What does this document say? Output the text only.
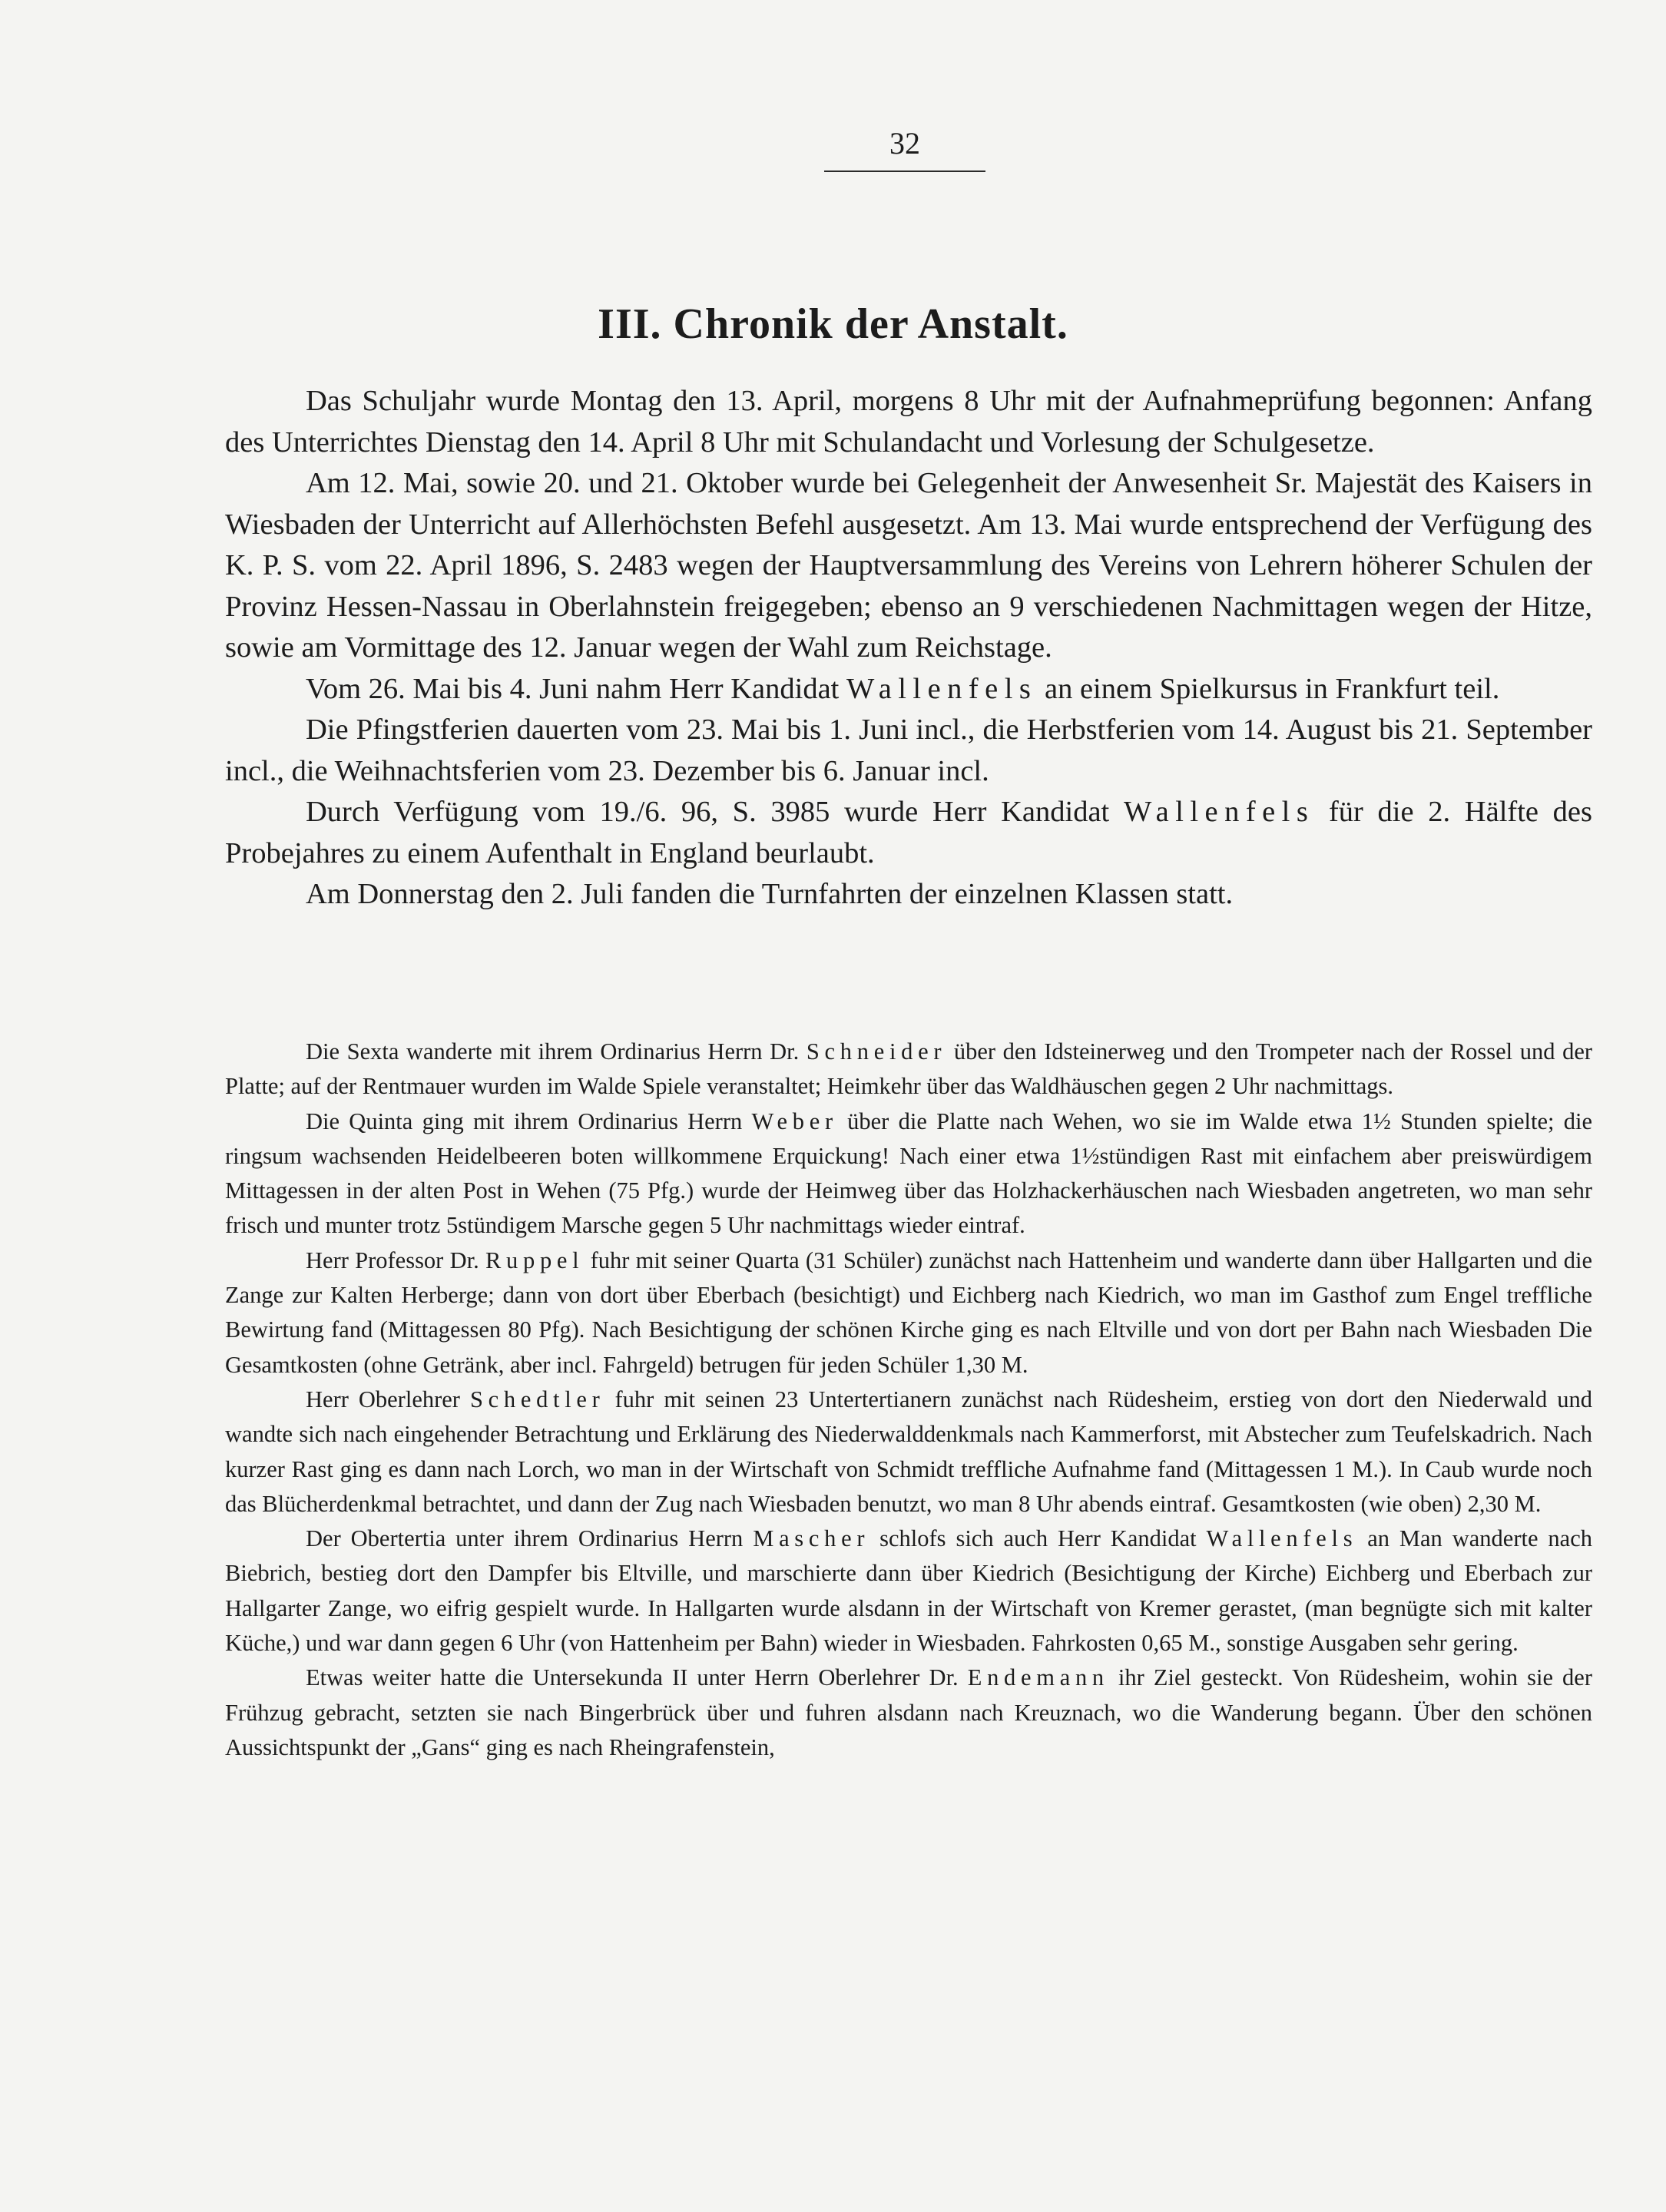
32
III. Chronik der Anstalt.

Das Schuljahr wurde Montag den 13. April, morgens 8 Uhr mit der Aufnahmeprüfung begonnen: Anfang des Unterrichtes Dienstag den 14. April 8 Uhr mit Schulandacht und Vorlesung der Schulgesetze.

Am 12. Mai, sowie 20. und 21. Oktober wurde bei Gelegenheit der Anwesenheit Sr. Majestät des Kaisers in Wiesbaden der Unterricht auf Allerhöchsten Befehl ausgesetzt. Am 13. Mai wurde entsprechend der Verfügung des K. P. S. vom 22. April 1896, S. 2483 wegen der Hauptversammlung des Vereins von Lehrern höherer Schulen der Provinz Hessen-Nassau in Oberlahnstein freigegeben; ebenso an 9 verschiedenen Nachmittagen wegen der Hitze, sowie am Vormittage des 12. Januar wegen der Wahl zum Reichstage.

Vom 26. Mai bis 4. Juni nahm Herr Kandidat Wallenfels an einem Spielkursus in Frankfurt teil.

Die Pfingstferien dauerten vom 23. Mai bis 1. Juni incl., die Herbstferien vom 14. August bis 21. September incl., die Weihnachtsferien vom 23. Dezember bis 6. Januar incl.

Durch Verfügung vom 19./6. 96, S. 3985 wurde Herr Kandidat Wallenfels für die 2. Hälfte des Probejahres zu einem Aufenthalt in England beurlaubt.

Am Donnerstag den 2. Juli fanden die Turnfahrten der einzelnen Klassen statt.

Die Sexta wanderte mit ihrem Ordinarius Herrn Dr. Schneider über den Idsteinerweg und den Trompeter nach der Rossel und der Platte; auf der Rentmauer wurden im Walde Spiele veranstaltet; Heimkehr über das Waldhäuschen gegen 2 Uhr nachmittags.

Die Quinta ging mit ihrem Ordinarius Herrn Weber über die Platte nach Wehen, wo sie im Walde etwa 1½ Stunden spielte; die ringsum wachsenden Heidelbeeren boten willkommene Erquickung! Nach einer etwa 1½stündigen Rast mit einfachem aber preiswürdigem Mittagessen in der alten Post in Wehen (75 Pfg.) wurde der Heimweg über das Holzhackerhäuschen nach Wiesbaden angetreten, wo man sehr frisch und munter trotz 5stündigem Marsche gegen 5 Uhr nachmittags wieder eintraf.

Herr Professor Dr. Ruppel fuhr mit seiner Quarta (31 Schüler) zunächst nach Hattenheim und wanderte dann über Hallgarten und die Zange zur Kalten Herberge; dann von dort über Eberbach (besichtigt) und Eichberg nach Kiedrich, wo man im Gasthof zum Engel treffliche Bewirtung fand (Mittagessen 80 Pfg). Nach Besichtigung der schönen Kirche ging es nach Eltville und von dort per Bahn nach Wiesbaden Die Gesamtkosten (ohne Getränk, aber incl. Fahrgeld) betrugen für jeden Schüler 1,30 M.

Herr Oberlehrer Schedtler fuhr mit seinen 23 Untertertianern zunächst nach Rüdesheim, erstieg von dort den Niederwald und wandte sich nach eingehender Betrachtung und Erklärung des Niederwalddenkmals nach Kammerforst, mit Abstecher zum Teufelskadrich. Nach kurzer Rast ging es dann nach Lorch, wo man in der Wirtschaft von Schmidt treffliche Aufnahme fand (Mittagessen 1 M.). In Caub wurde noch das Blücherdenkmal betrachtet, und dann der Zug nach Wiesbaden benutzt, wo man 8 Uhr abends eintraf. Gesamtkosten (wie oben) 2,30 M.

Der Obertertia unter ihrem Ordinarius Herrn Mascher schlofs sich auch Herr Kandidat Wallenfels an Man wanderte nach Biebrich, bestieg dort den Dampfer bis Eltville, und marschierte dann über Kiedrich (Besichtigung der Kirche) Eichberg und Eberbach zur Hallgarter Zange, wo eifrig gespielt wurde. In Hallgarten wurde alsdann in der Wirtschaft von Kremer gerastet, (man begnügte sich mit kalter Küche,) und war dann gegen 6 Uhr (von Hattenheim per Bahn) wieder in Wiesbaden. Fahrkosten 0,65 M., sonstige Ausgaben sehr gering.

Etwas weiter hatte die Untersekunda II unter Herrn Oberlehrer Dr. Endemann ihr Ziel gesteckt. Von Rüdesheim, wohin sie der Frühzug gebracht, setzten sie nach Bingerbrück über und fuhren alsdann nach Kreuznach, wo die Wanderung begann. Über den schönen Aussichtspunkt der „Gans“ ging es nach Rheingrafenstein,
